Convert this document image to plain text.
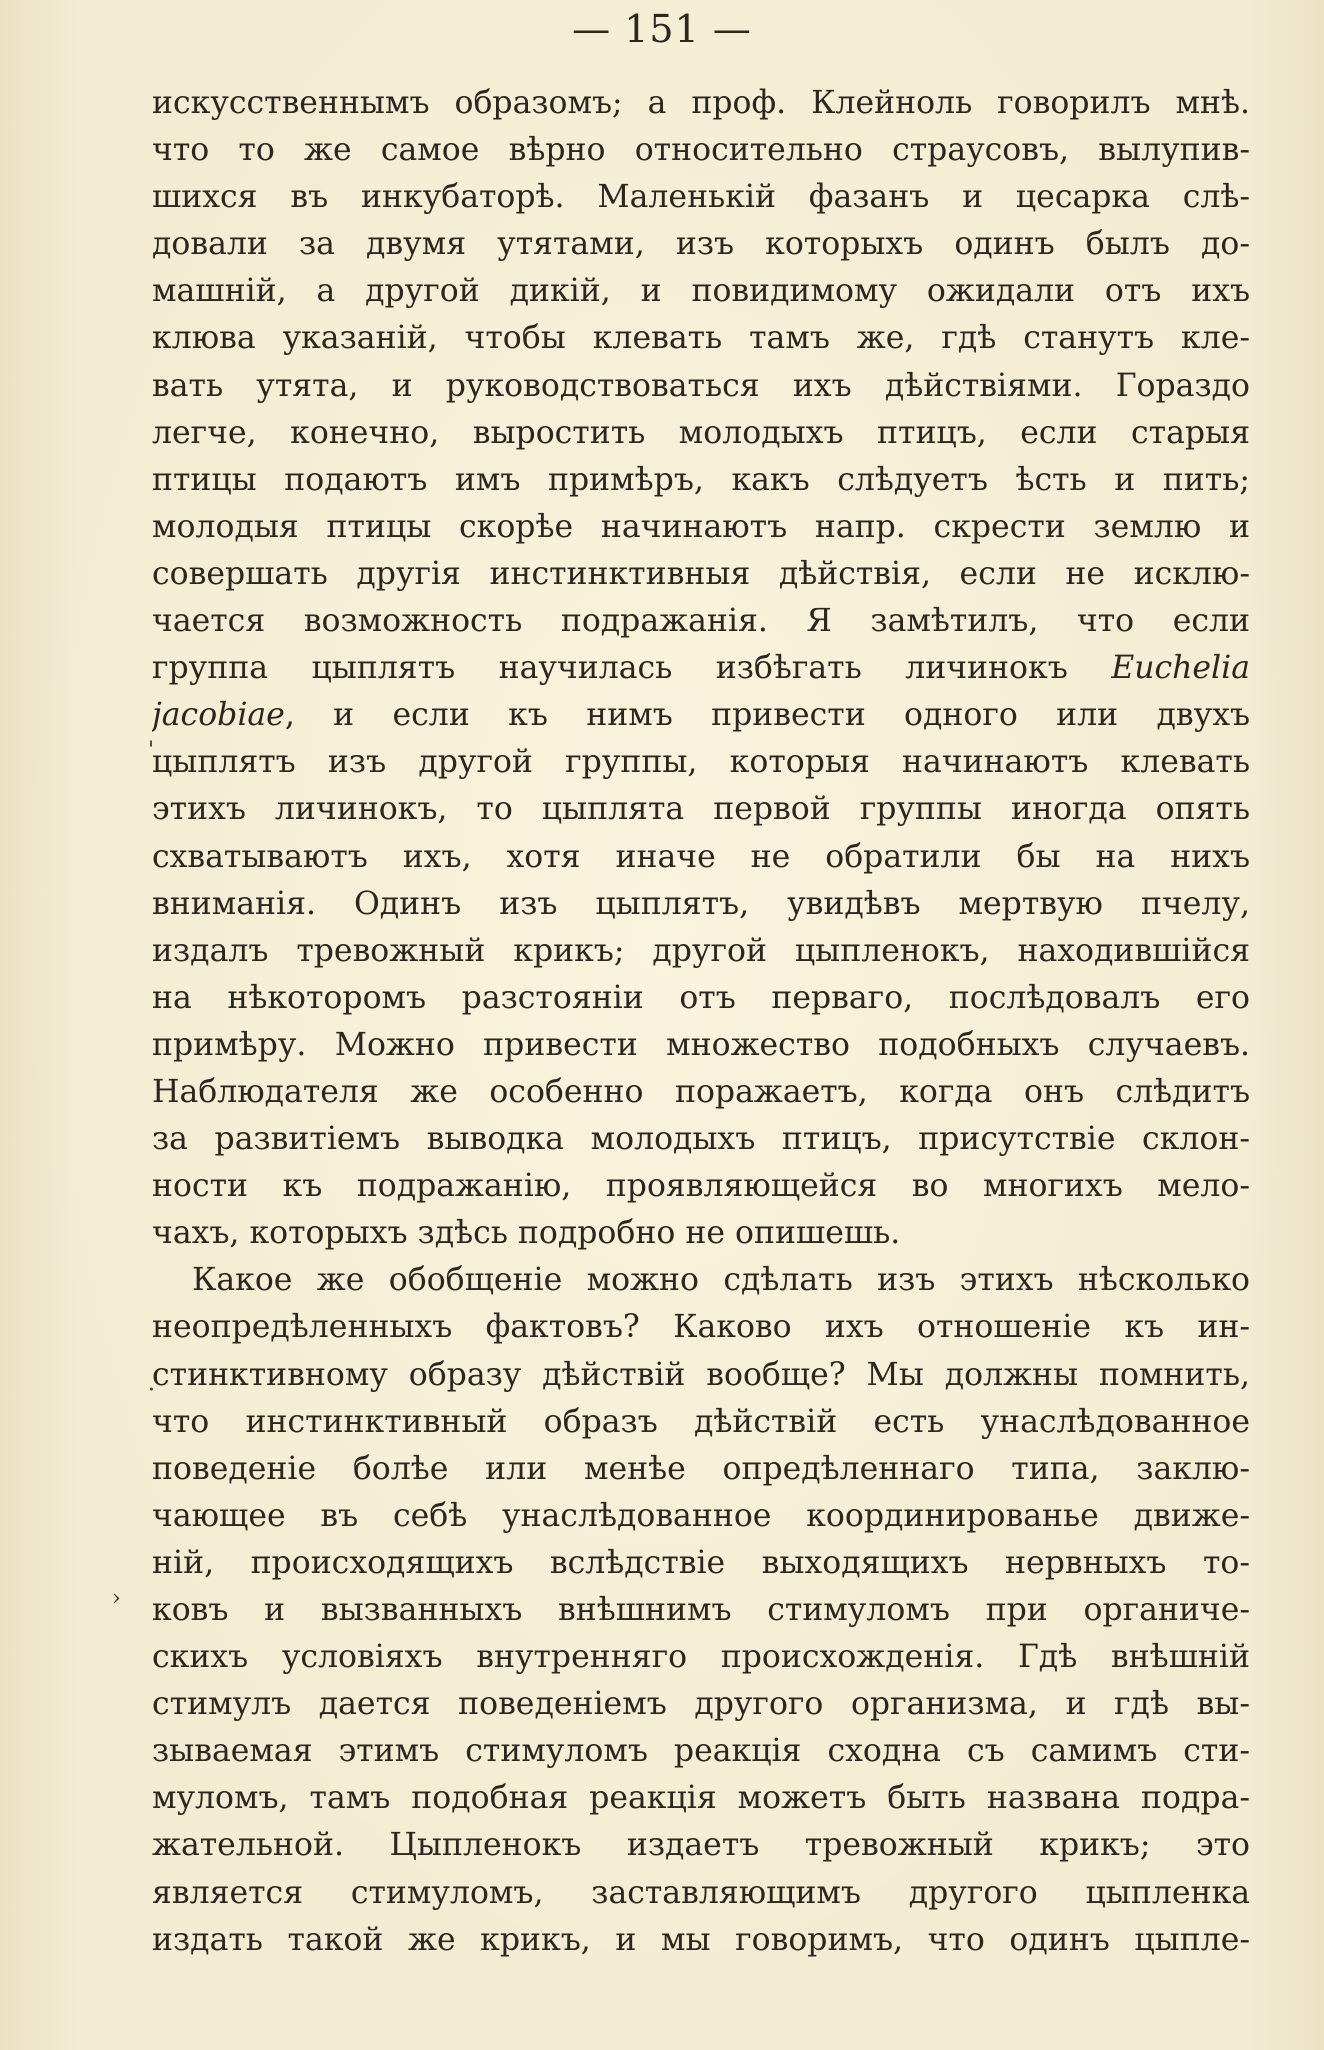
— 151 —
искусственнымъ образомъ; а проф. Клейноль говорилъ мнѣ.
что то же самое вѣрно относительно страусовъ, вылупив-
шихся въ инкубаторѣ. Маленькій фазанъ и цесарка слѣ-
довали за двумя утятами, изъ которыхъ одинъ былъ до-
машній, а другой дикій, и повидимому ожидали отъ ихъ
клюва указаній, чтобы клевать тамъ же, гдѣ станутъ кле-
вать утята, и руководствоваться ихъ дѣйствіями. Гораздо
легче, конечно, выростить молодыхъ птицъ, если старыя
птицы подаютъ имъ примѣръ, какъ слѣдуетъ ѣсть и пить;
молодыя птицы скорѣе начинаютъ напр. скрести землю и
совершать другія инстинктивныя дѣйствія, если не исклю-
чается возможность подражанія. Я замѣтилъ, что если
группа цыплятъ научилась избѣгать личинокъ Euchelia
jacobiae, и если къ нимъ привести одного или двухъ
цыплятъ изъ другой группы, которыя начинаютъ клевать
этихъ личинокъ, то цыплята первой группы иногда опять
схватываютъ ихъ, хотя иначе не обратили бы на нихъ
вниманія. Одинъ изъ цыплятъ, увидѣвъ мертвую пчелу,
издалъ тревожный крикъ; другой цыпленокъ, находившійся
на нѣкоторомъ разстояніи отъ перваго, послѣдовалъ его
примѣру. Можно привести множество подобныхъ случаевъ.
Наблюдателя же особенно поражаетъ, когда онъ слѣдитъ
за развитіемъ выводка молодыхъ птицъ, присутствіе склон-
ности къ подражанію, проявляющейся во многихъ мело-
чахъ, которыхъ здѣсь подробно не опишешь.
Какое же обобщеніе можно сдѣлать изъ этихъ нѣсколько
неопредѣленныхъ фактовъ? Каково ихъ отношеніе къ ин-
стинктивному образу дѣйствій вообще? Мы должны помнить,
что инстинктивный образъ дѣйствій есть унаслѣдованное
поведеніе болѣе или менѣе опредѣленнаго типа, заклю-
чающее въ себѣ унаслѣдованное координированье движе-
ній, происходящихъ вслѣдствіе выходящихъ нервныхъ то-
ковъ и вызванныхъ внѣшнимъ стимуломъ при органиче-
скихъ условіяхъ внутренняго происхожденія. Гдѣ внѣшній
стимулъ дается поведеніемъ другого организма, и гдѣ вы-
зываемая этимъ стимуломъ реакція сходна съ самимъ сти-
муломъ, тамъ подобная реакція можетъ быть названа подра-
жательной. Цыпленокъ издаетъ тревожный крикъ; это
является стимуломъ, заставляющимъ другого цыпленка
издать такой же крикъ, и мы говоримъ, что одинъ цыпле-
'
·
›
